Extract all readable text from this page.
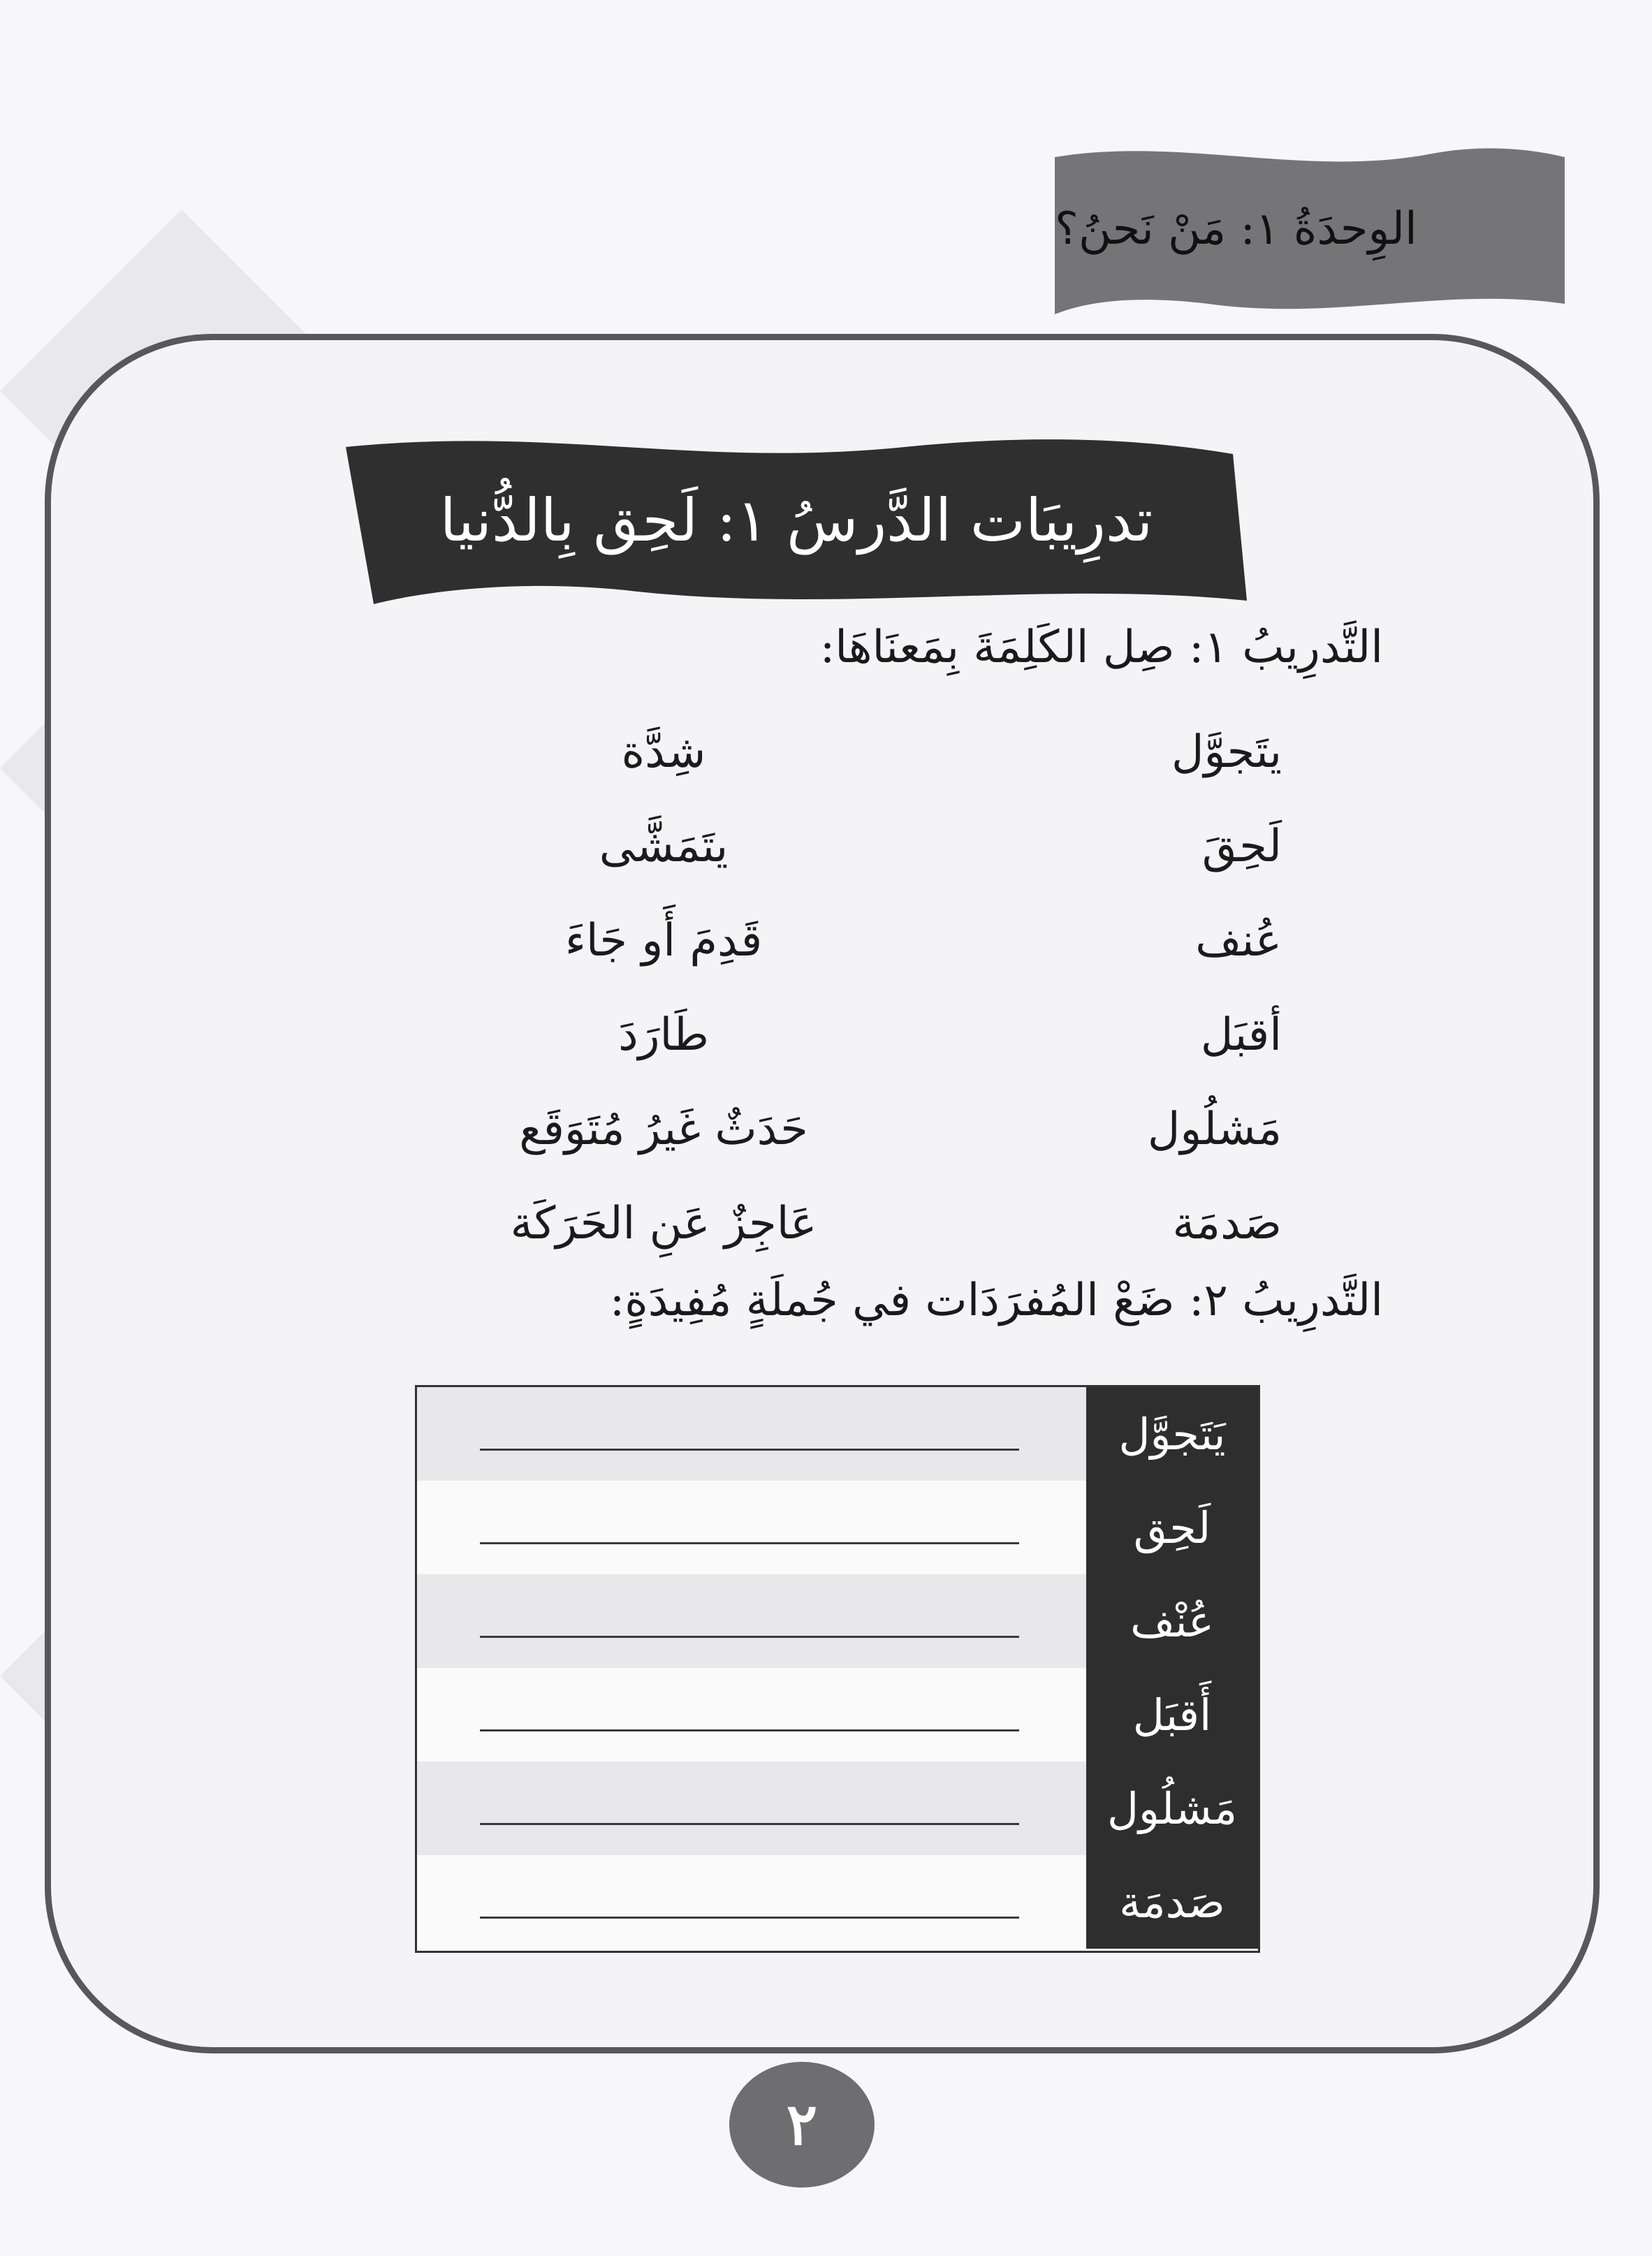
الوِحدَةُ ١: مَنْ نَحنُ؟
تدرِيبَات الدَّرسُ ١: لَحِق بِالدُّنيا
التَّدرِيبُ ١: صِل الكَلِمَةَ بِمَعنَاهَا:
يتَجوَّل
شِدَّة
لَحِقَ
يتَمَشَّى
عُنف
قَدِمَ أَو جَاءَ
أقبَل
طَارَدَ
مَشلُول
حَدَثٌ غَيرُ مُتَوَقَع
صَدمَة
عَاجِزٌ عَنِ الحَرَكَة
التَّدرِيبُ ٢: ضَعْ المُفرَدَات في جُملَةٍ مُفِيدَةٍ:
يَتَجوَّل
لَحِق
عُنْف
أَقبَل
مَشلُول
صَدمَة
٢
